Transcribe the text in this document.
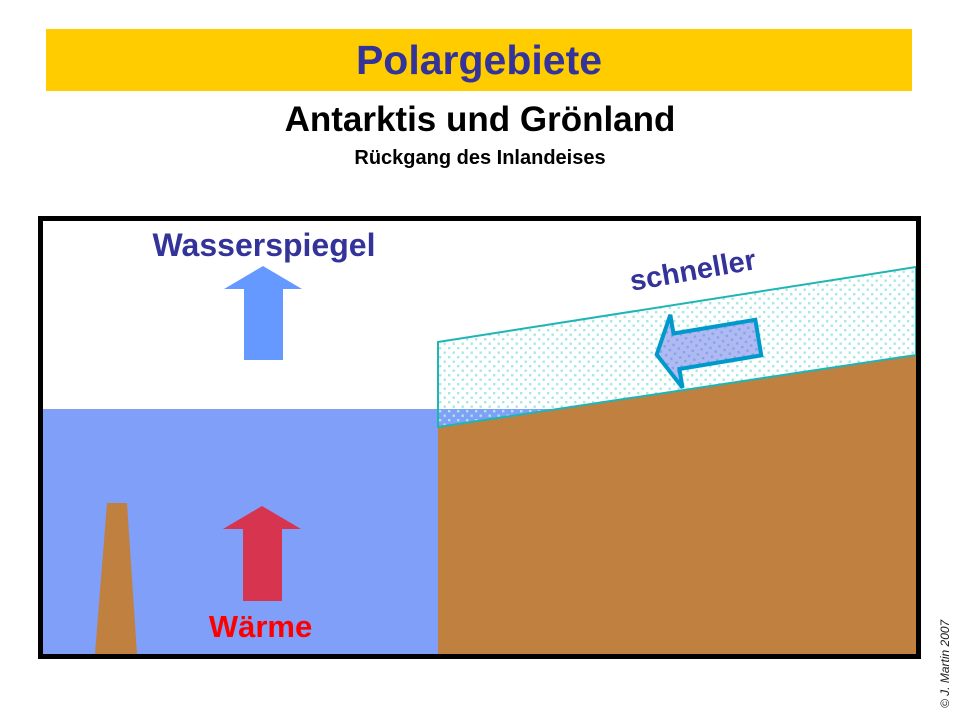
Polargebiete
Antarktis und Grönland
Rückgang des Inlandeises
Wasserspiegel	schneller
Wärme	© J. Martin 2007
